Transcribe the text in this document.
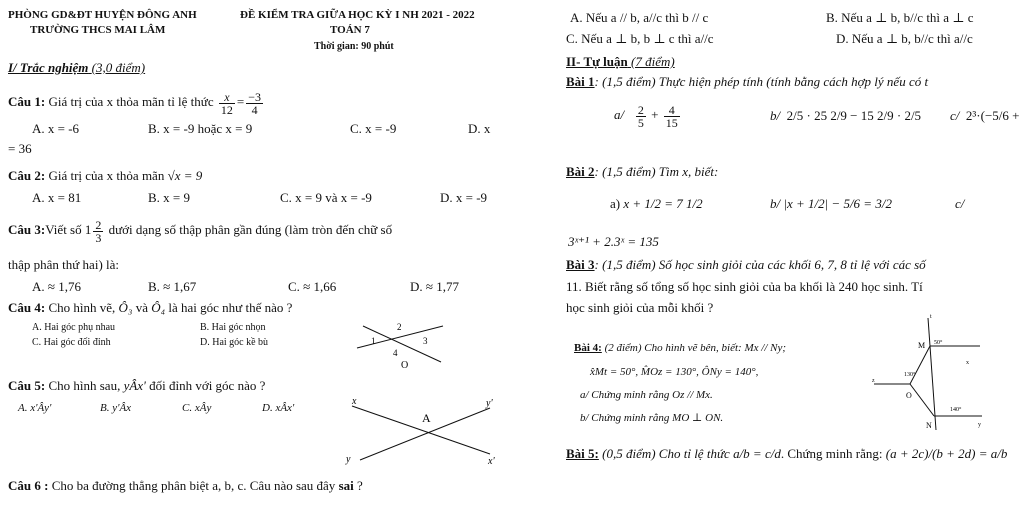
PHÒNG GD&ĐT HUYỆN ĐÔNG ANH
TRƯỜNG THCS MAI LÂM
ĐỀ KIỂM TRA GIỮA HỌC KỲ I NH 2021 - 2022
TOÁN 7
Thời gian: 90 phút
I/ Trắc nghiệm (3,0 điểm)
Câu 1: Giá trị của x thỏa mãn tỉ lệ thức $\frac{x}{12} = \frac{-3}{4}$
A. x = -6	B. x = -9 hoặc x = 9	C. x = -9	D. x
= 36
Câu 2: Giá trị của x thỏa mãn √x = 9
A. x = 81	B. x = 9	C. x = 9 và x = -9	D. x = -9
Câu 3:Viết số $1 \frac{2}{3}$ dưới dạng số thập phân gần đúng (làm tròn đến chữ số
thập phân thứ hai) là:
A. ≈ 1,76	B. ≈ 1,67	C. ≈ 1,66	D. ≈ 1,77
Câu 4: Cho hình vẽ, Ô₃ và Ô₄ là hai góc như thế nào ?
A. Hai góc phụ nhau	B. Hai góc nhọn
C. Hai góc đối đỉnh	D. Hai góc kề bù
2
1	3
4
O
Câu 5: Cho hình sau, yÂx' đối đỉnh với góc nào ?
A. x'Ây'	B. y'Âx	C. xÂy	D. xÂx'
x	y'
A
y	x'
Câu 6 : Cho ba đường thẳng phân biệt a, b, c. Câu nào sau đây sai ?
A. Nếu a // b, a//c thì b // c	B. Nếu a ⊥ b, b//c thì a ⊥ c
C. Nếu a ⊥ b, b ⊥ c thì a//c	D. Nếu a ⊥ b, b//c thì a//c
II- Tự luận (7 điểm)
Bài 1: (1,5 điểm) Thực hiện phép tính (tính bằng cách hợp lý nếu có t
$a/ \frac{2}{5} + \frac{4}{15}$	b/ 2/5 · 25 2/9 − 15 2/9 · 2/5 c/ 2³·(−5/6 +
Bài 2: (1,5 điểm) Tìm x, biết:
a) x + 1/2 = 7 1/2	b/ |x + 1/2| − 5/6 = 3/2	c/
3ˣ⁺¹ + 2.3ˣ = 135
Bài 3: (1,5 điểm) Số học sinh giỏi của các khối 6, 7, 8 tỉ lệ với các số
11. Biết rằng số tổng số học sinh giỏi của ba khối là 240 học sinh. Tí
học sinh giỏi của mỗi khối ?
Bài 4: (2 điểm) Cho hình vẽ bên, biết: Mx // Ny;
x̂Mt = 50°, M̂Oz = 130°, ÔNy = 140°,
a/ Chứng minh rằng Oz // Mx.
b/ Chứng minh rằng MO ⊥ ON.
t
M 50°
x
130°
z
O
140°
N	y
Bài 5: (0,5 điểm) Cho tỉ lệ thức a/b = c/d. Chứng minh rằng: (a + 2c)/(b + 2d) = a/b
